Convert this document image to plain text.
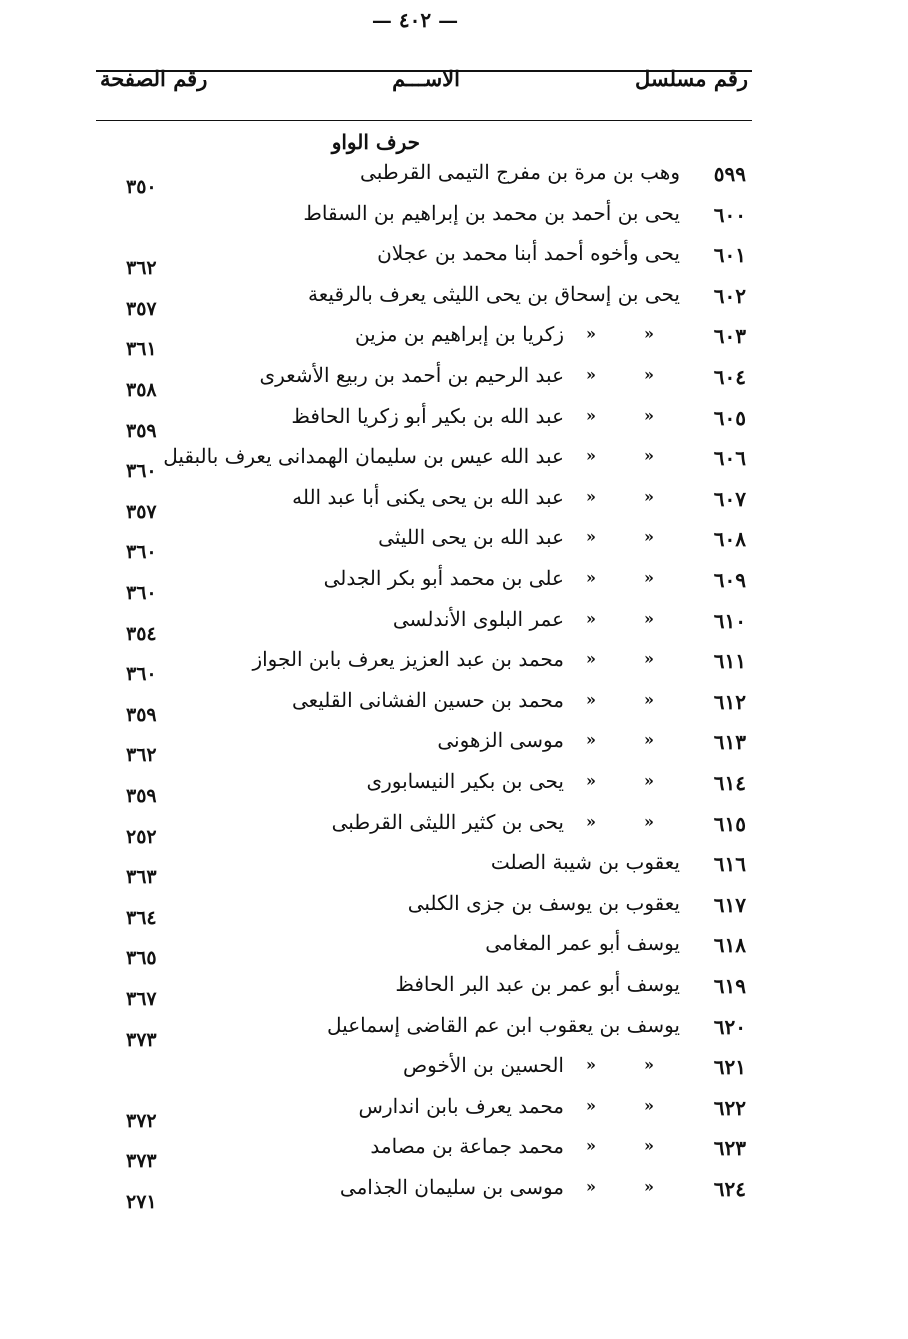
— ٤٠٢ —
رقم مسلسل
الاســـم
رقم الصفحة
حرف الواو
٥٩٩
وهب بن مرة بن مفرج التيمى القرطبى
٣٥٠
٦٠٠
يحى بن أحمد بن محمد بن إبراهيم بن السقاط
٦٠١
يحى وأخوه أحمد أبنا محمد بن عجلان
٣٦٢
٦٠٢
يحى بن إسحاق بن يحى الليثى يعرف بالرقيعة
٣٥٧
٦٠٣
«
«
زكريا بن إبراهيم بن مزين
٣٦١
٦٠٤
«
«
عبد الرحيم بن أحمد بن ربيع الأشعرى
٣٥٨
٦٠٥
«
«
عبد الله بن بكير أبو زكريا الحافظ
٣٥٩
٦٠٦
«
«
عبد الله عيس بن سليمان الهمدانى يعرف بالبقيل
٣٦٠
٦٠٧
«
«
عبد الله بن يحى يكنى أبا عبد الله
٣٥٧
٦٠٨
«
«
عبد الله بن يحى الليثى
٣٦٠
٦٠٩
«
«
على بن محمد أبو بكر الجدلى
٣٦٠
٦١٠
«
«
عمر البلوى الأندلسى
٣٥٤
٦١١
«
«
محمد بن عبد العزيز يعرف بابن الجواز
٣٦٠
٦١٢
«
«
محمد بن حسين الفشانى القليعى
٣٥٩
٦١٣
«
«
موسى الزهونى
٣٦٢
٦١٤
«
«
يحى بن بكير النيسابورى
٣٥٩
٦١٥
«
«
يحى بن كثير الليثى القرطبى
٢٥٢
٦١٦
يعقوب بن شيبة الصلت
٣٦٣
٦١٧
يعقوب بن يوسف بن جزى الكلبى
٣٦٤
٦١٨
يوسف أبو عمر المغامى
٣٦٥
٦١٩
يوسف أبو عمر بن عبد البر الحافظ
٣٦٧
٦٢٠
يوسف بن يعقوب ابن عم القاضى إسماعيل
٣٧٣
٦٢١
«
«
الحسين بن الأخوص
٦٢٢
«
«
محمد يعرف بابن اندارس
٣٧٢
٦٢٣
«
«
محمد جماعة بن مصامد
٣٧٣
٦٢٤
«
«
موسى بن سليمان الجذامى
٢٧١
